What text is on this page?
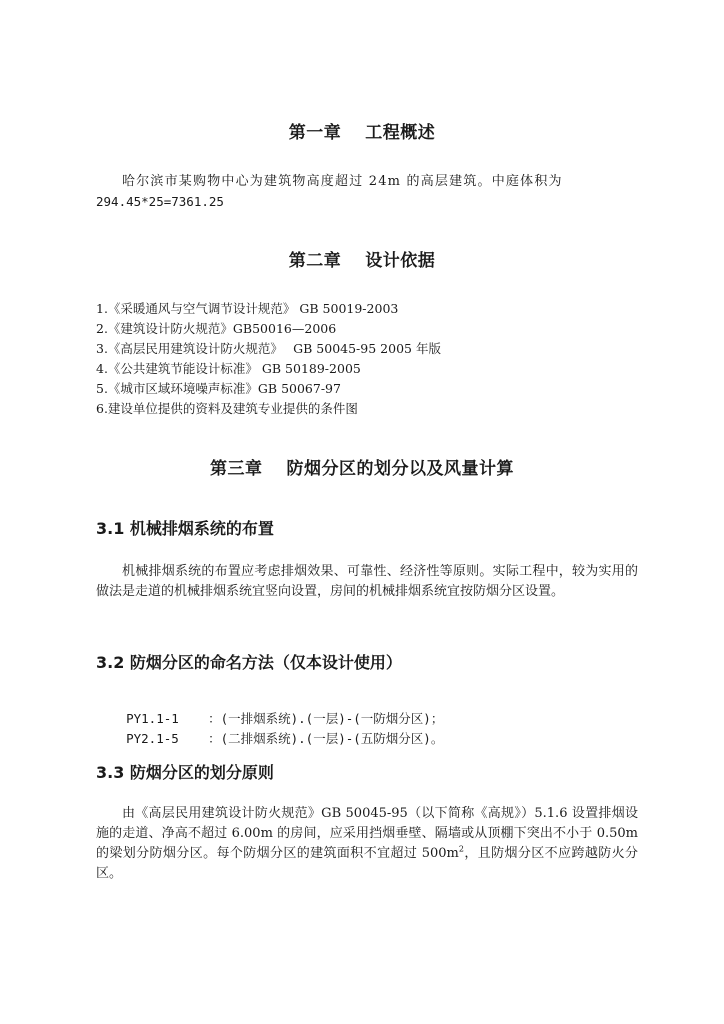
第一章　 工程概述
哈尔滨市某购物中心为建筑物高度超过 24m 的高层建筑。中庭体积为
294.45*25=7361.25
第二章　 设计依据
1.《采暖通风与空气调节设计规范》 GB 50019-2003
2.《建筑设计防火规范》GB50016—2006
3.《高层民用建筑设计防火规范》　 GB 50045-95 2005 年版
4.《公共建筑节能设计标准》 GB 50189-2005
5.《城市区域环境噪声标准》GB 50067-97
6.建设单位提供的资料及建筑专业提供的条件图
第三章　 防烟分区的划分以及风量计算
3.1 机械排烟系统的布置
机械排烟系统的布置应考虑排烟效果、可靠性、经济性等原则。实际工程中，较为实用的做法是走道的机械排烟系统宜竖向设置，房间的机械排烟系统宜按防烟分区设置。
3.2 防烟分区的命名方法（仅本设计使用）

PY1.1-1 ：(一排烟系统).(一层)-(一防烟分区)；

PY2.1-5 ：(二排烟系统).(一层)-(五防烟分区)。

3.3 防烟分区的划分原则
由《高层民用建筑设计防火规范》GB 50045-95（以下简称《高规》）5.1.6 设置排烟设施的走道、净高不超过 6.00m 的房间，应采用挡烟垂壁、隔墙或从顶棚下突出不小于 0.50m 的梁划分防烟分区。每个防烟分区的建筑面积不宜超过 $500m^2$，且防烟分区不应跨越防火分区。
